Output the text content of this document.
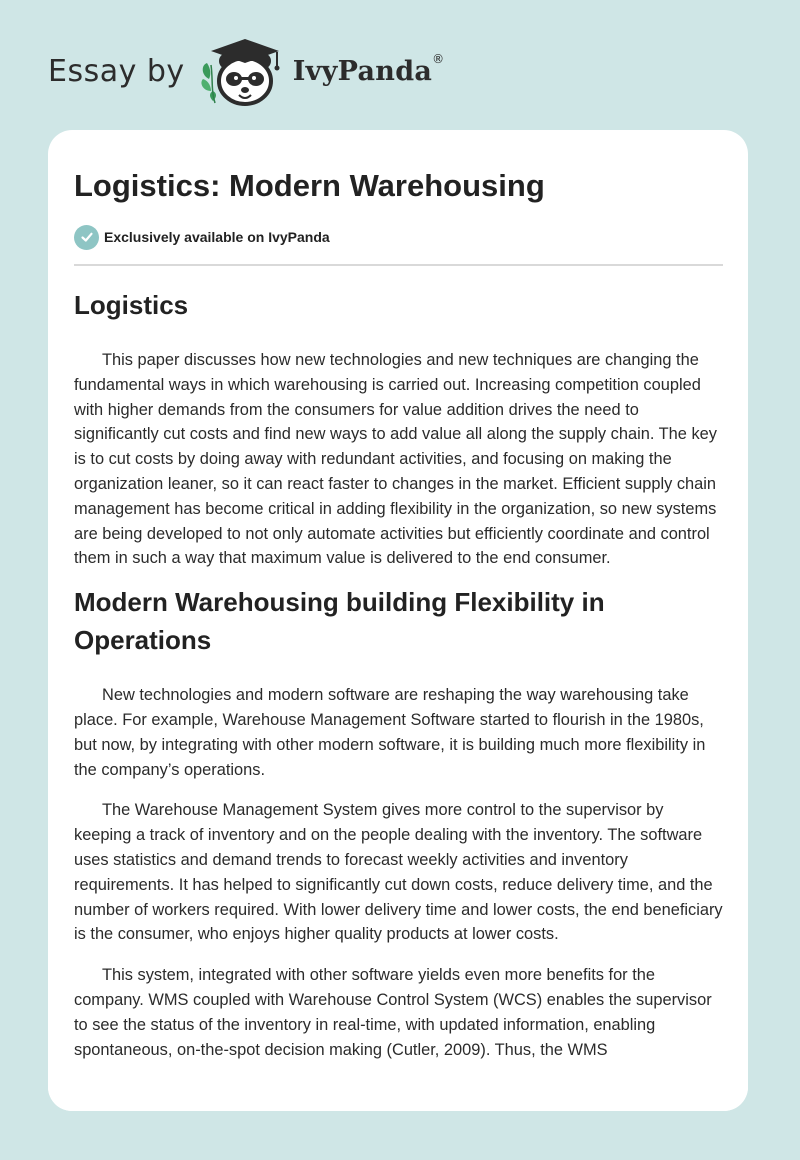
Essay by	IvyPanda ®
Logistics: Modern Warehousing
Exclusively available on IvyPanda
Logistics

This paper discusses how new technologies and new techniques are changing the fundamental ways in which warehousing is carried out. Increasing competition coupled with higher demands from the consumers for value addition drives the need to significantly cut costs and find new ways to add value all along the supply chain. The key is to cut costs by doing away with redundant activities, and focusing on making the organization leaner, so it can react faster to changes in the market. Efficient supply chain management has become critical in adding flexibility in the organization, so new systems are being developed to not only automate activities but efficiently coordinate and control them in such a way that maximum value is delivered to the end consumer.

Modern Warehousing building Flexibility in Operations

New technologies and modern software are reshaping the way warehousing take place. For example, Warehouse Management Software started to flourish in the 1980s, but now, by integrating with other modern software, it is building much more flexibility in the company’s operations.

The Warehouse Management System gives more control to the supervisor by keeping a track of inventory and on the people dealing with the inventory. The software uses statistics and demand trends to forecast weekly activities and inventory requirements. It has helped to significantly cut down costs, reduce delivery time, and the number of workers required. With lower delivery time and lower costs, the end beneficiary is the consumer, who enjoys higher quality products at lower costs.

This system, integrated with other software yields even more benefits for the company. WMS coupled with Warehouse Control System (WCS) enables the supervisor to see the status of the inventory in real-time, with updated information, enabling spontaneous, on-the-spot decision making (Cutler, 2009). Thus, the WMS
